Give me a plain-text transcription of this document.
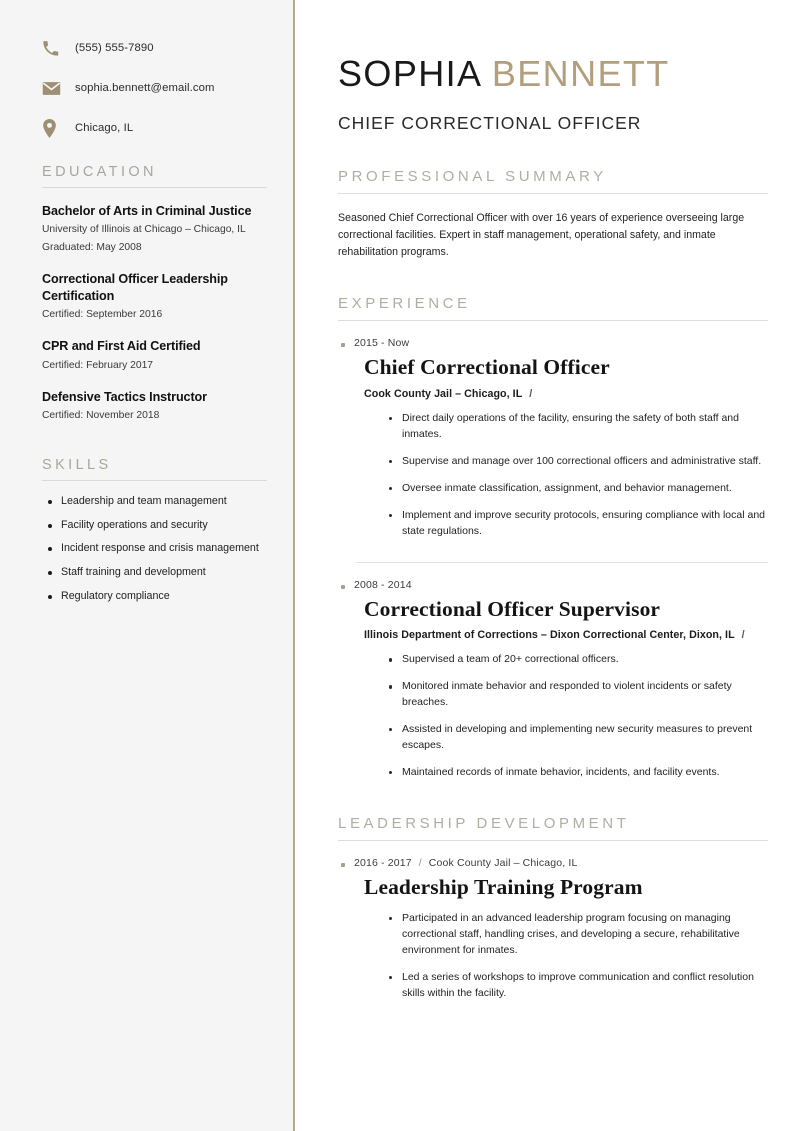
(555) 555-7890
sophia.bennett@email.com
Chicago, IL
EDUCATION
Bachelor of Arts in Criminal Justice
University of Illinois at Chicago – Chicago, IL
Graduated: May 2008
Correctional Officer Leadership Certification
Certified: September 2016
CPR and First Aid Certified
Certified: February 2017
Defensive Tactics Instructor
Certified: November 2018
SKILLS
Leadership and team management
Facility operations and security
Incident response and crisis management
Staff training and development
Regulatory compliance
SOPHIA BENNETT
CHIEF CORRECTIONAL OFFICER
PROFESSIONAL SUMMARY

Seasoned Chief Correctional Officer with over 16 years of experience overseeing large correctional facilities. Expert in staff management, operational safety, and inmate rehabilitation programs.

EXPERIENCE
2015 - Now
Chief Correctional Officer
Cook County Jail – Chicago, IL /
Direct daily operations of the facility, ensuring the safety of both staff and inmates.
Supervise and manage over 100 correctional officers and administrative staff.
Oversee inmate classification, assignment, and behavior management.
Implement and improve security protocols, ensuring compliance with local and state regulations.
2008 - 2014
Correctional Officer Supervisor
Illinois Department of Corrections – Dixon Correctional Center, Dixon, IL /
Supervised a team of 20+ correctional officers.
Monitored inmate behavior and responded to violent incidents or safety breaches.
Assisted in developing and implementing new security measures to prevent escapes.
Maintained records of inmate behavior, incidents, and facility events.
LEADERSHIP DEVELOPMENT
2016 - 2017 / Cook County Jail – Chicago, IL
Leadership Training Program
Participated in an advanced leadership program focusing on managing correctional staff, handling crises, and developing a secure, rehabilitative environment for inmates.
Led a series of workshops to improve communication and conflict resolution skills within the facility.
